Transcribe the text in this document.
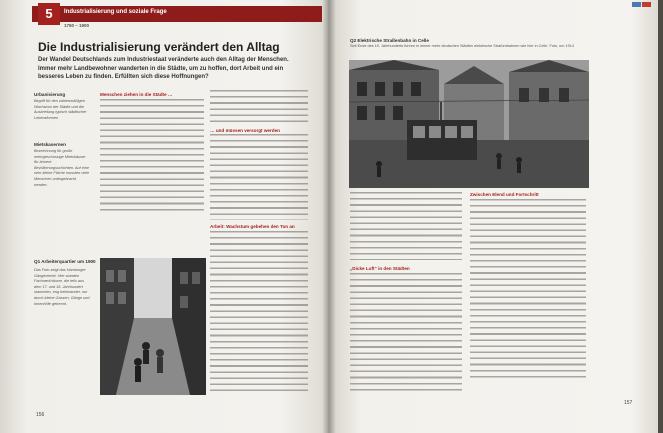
5	Industrialisierung und soziale Frage
1750 – 1900
Die Industrialisierung verändert den Alltag
Der Wandel Deutschlands zum Industriestaat veränderte auch den Alltag der Menschen. Immer mehr Landbewohner wanderten in die Städte, um zu hoffen, dort Arbeit und ein besseres Leben zu finden. Erfüllten sich diese Hoffnungen?
Urbanisierung
Begriff für den zahlenmäßigen Wachstum der Städte und die Ausbreitung typisch städtischer Lebensformen
Mietskasernen
Bezeichnung für große mehrgeschossige Mietshäuser für ärmere Bevölkerungsschichten. Auf eine sehr kleine Fläche mussten viele Menschen untergebracht werden.
Menschen ziehen in die Städte …
… und müssen versorgt werden
Arbeit: Wachstum gebehen den Ton an
Q1 Arbeiterquartier um 1900
Das Foto zeigt das Hamburger Gängeviertel. Hier standen Fachwerkhäuser, die teils aus dem 17. und 18. Jahrhundert stammten, eng beieinander, nur durch kleine Gassen, Gänge und Innenhöfe getrennt.
156
Q2 Elektrische Straßenbahn in Celle
Seit Ende des 19. Jahrhunderts fuhren in immer mehr deutschen Städten elektrische Straßenbahnen wie hier in Celle. Foto, um 1914
„Dicke Luft“ in den Städten
Zwischen Elend und Fortschritt
157
